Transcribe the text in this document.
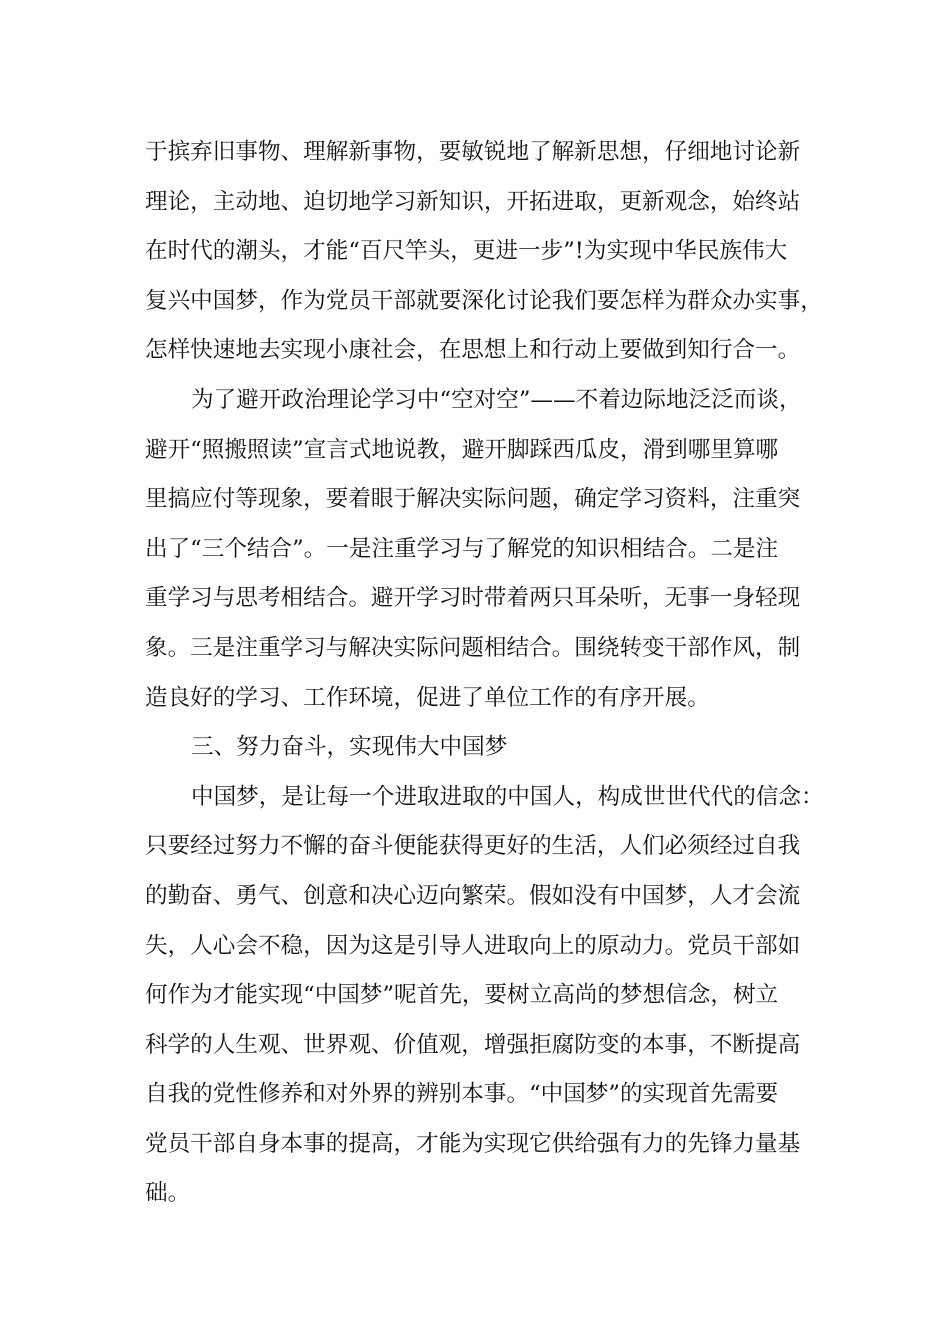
于摈弃旧事物、理解新事物，要敏锐地了解新思想，仔细地讨论新
理论，主动地、迫切地学习新知识，开拓进取，更新观念，始终站
在时代的潮头，才能“百尺竿头，更进一步”!为实现中华民族伟大
复兴中国梦，作为党员干部就要深化讨论我们要怎样为群众办实事，
怎样快速地去实现小康社会，在思想上和行动上要做到知行合一。
为了避开政治理论学习中“空对空”——不着边际地泛泛而谈，
避开“照搬照读”宣言式地说教，避开脚踩西瓜皮，滑到哪里算哪
里搞应付等现象，要着眼于解决实际问题，确定学习资料，注重突
出了“三个结合”。一是注重学习与了解党的知识相结合。二是注
重学习与思考相结合。避开学习时带着两只耳朵听，无事一身轻现
象。三是注重学习与解决实际问题相结合。围绕转变干部作风，制
造良好的学习、工作环境，促进了单位工作的有序开展。
三、努力奋斗，实现伟大中国梦
中国梦，是让每一个进取进取的中国人，构成世世代代的信念：
只要经过努力不懈的奋斗便能获得更好的生活，人们必须经过自我
的勤奋、勇气、创意和决心迈向繁荣。假如没有中国梦，人才会流
失，人心会不稳，因为这是引导人进取向上的原动力。党员干部如
何作为才能实现“中国梦”呢首先，要树立高尚的梦想信念，树立
科学的人生观、世界观、价值观，增强拒腐防变的本事，不断提高
自我的党性修养和对外界的辨别本事。“中国梦”的实现首先需要
党员干部自身本事的提高，才能为实现它供给强有力的先锋力量基
础。
